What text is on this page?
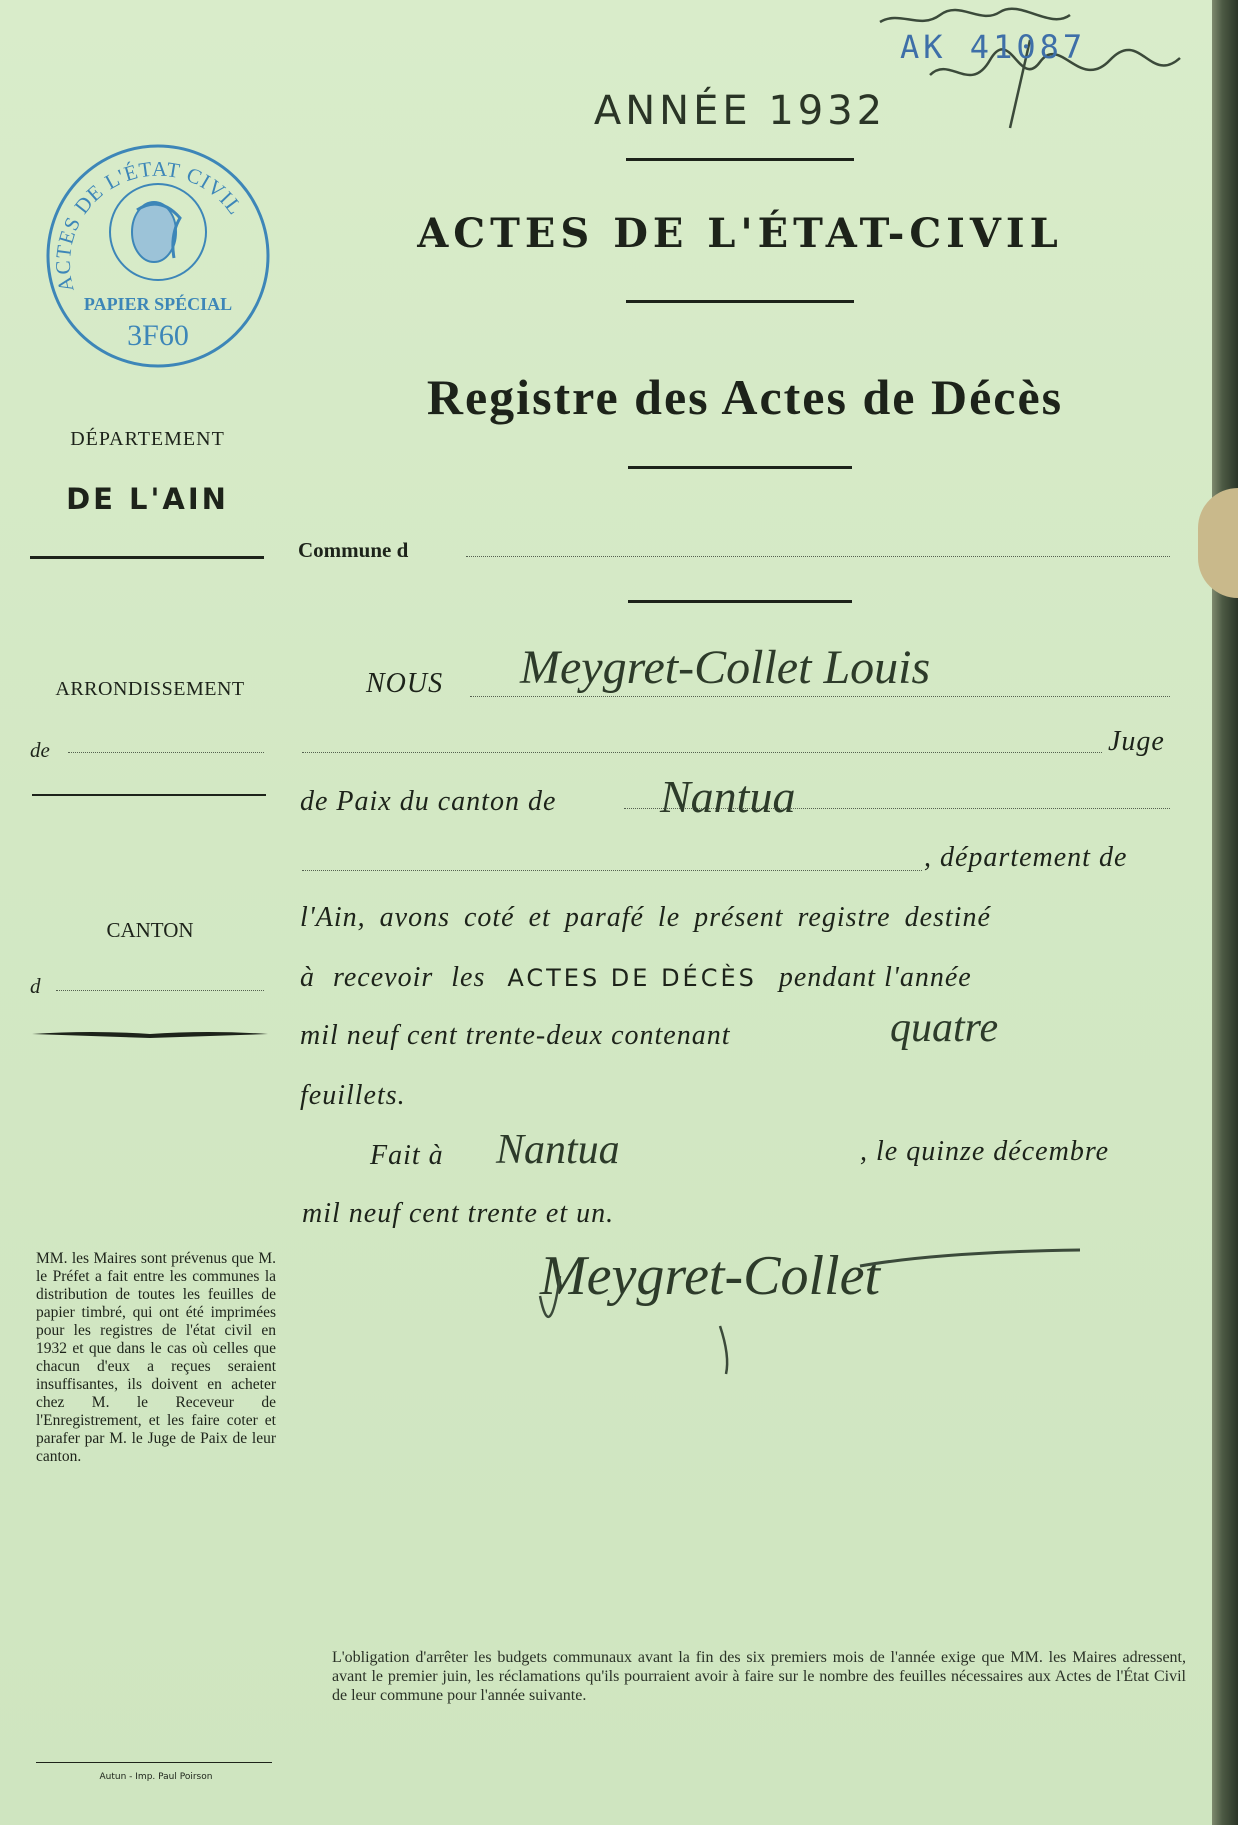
AK 41087
ACTES DE L'ÉTAT CIVIL
PAPIER SPÉCIAL
3F60
ANNÉE 1932
ACTES DE L'ÉTAT-CIVIL
Registre des Actes de Décès
DÉPARTEMENT
DE L'AIN
ARRONDISSEMENT
de
CANTON
d
MM. les Maires sont prévenus que M. le Préfet a fait entre les communes la distribution de toutes les feuilles de papier timbré, qui ont été imprimées pour les registres de l'état civil en 1932 et que dans le cas où celles que chacun d'eux a reçues seraient insuffisantes, ils doivent en acheter chez M. le Receveur de l'Enregistrement, et les faire coter et parafer par M. le Juge de Paix de leur canton.
Autun - Imp. Paul Poirson
Commune d
NOUS Meygret-Collet Louis
Juge
de Paix du canton de Nantua
, département de
l'Ain, avons coté et parafé le présent registre destiné
à recevoir les ACTES DE DÉCÈS pendant l'année
mil neuf cent trente-deux contenant	quatre
feuillets.
Fait à Nantua	, le quinze décembre
mil neuf cent trente et un.
Meygret-Collet
L'obligation d'arrêter les budgets communaux avant la fin des six premiers mois de l'année exige que MM. les Maires adressent, avant le premier juin, les réclamations qu'ils pourraient avoir à faire sur le nombre des feuilles nécessaires aux Actes de l'État Civil de leur commune pour l'année suivante.
